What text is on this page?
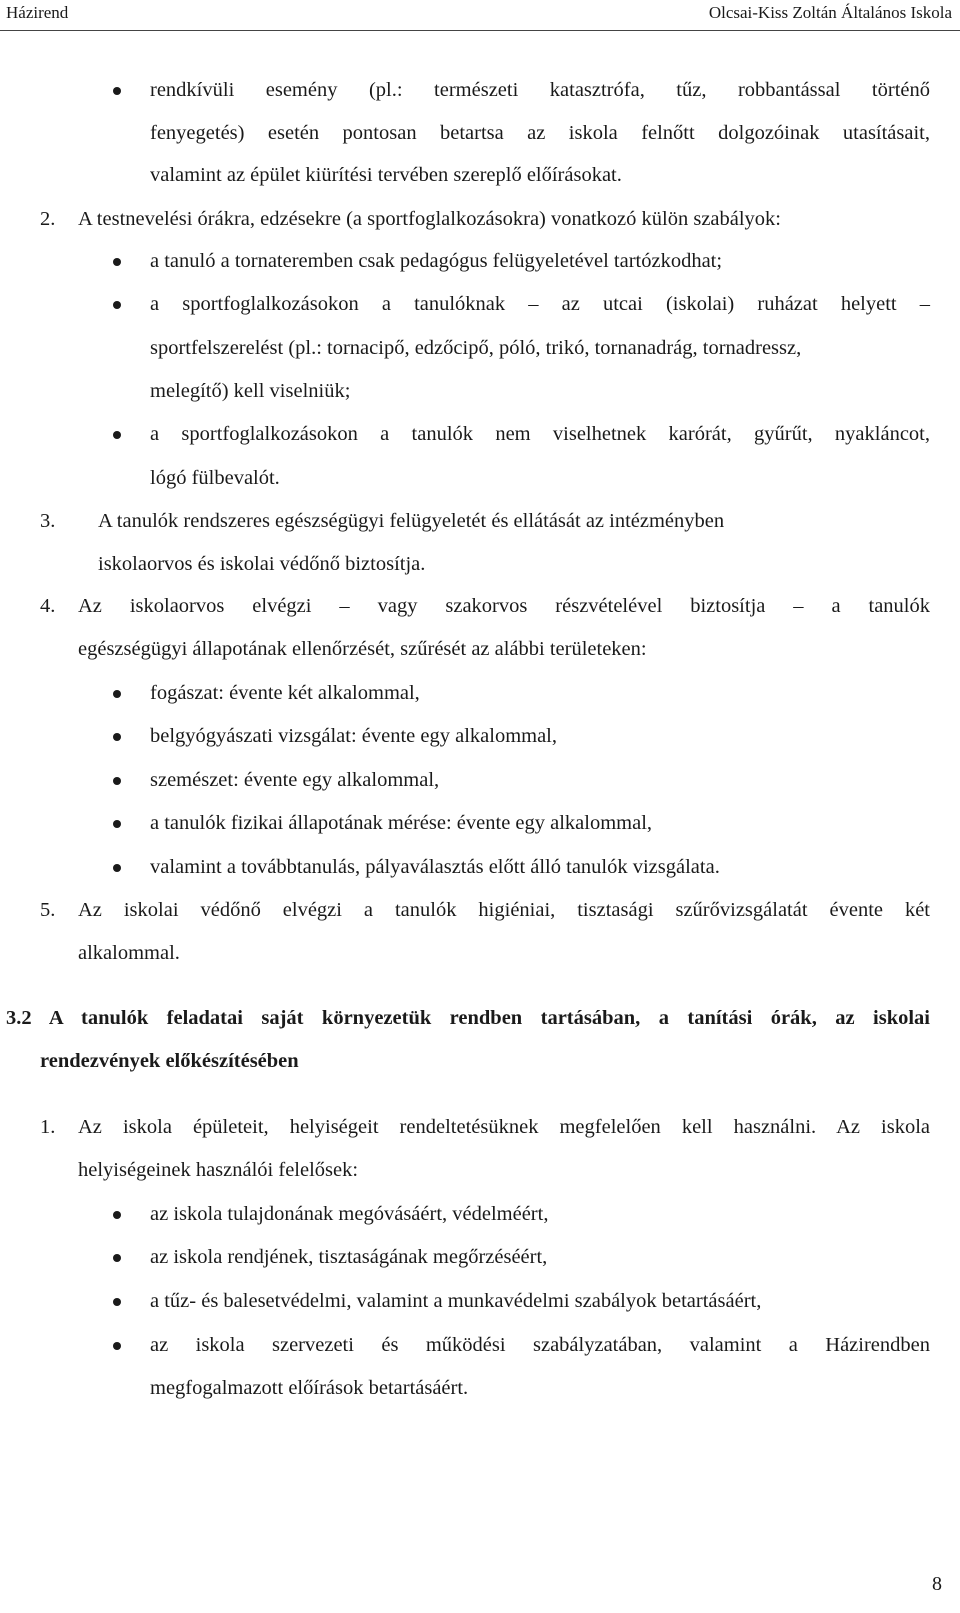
Házirend	Olcsai-Kiss Zoltán Általános Iskola
rendkívüli esemény (pl.: természeti katasztrófa, tűz, robbantással történő
fenyegetés) esetén pontosan betartsa az iskola felnőtt dolgozóinak utasításait,
valamint az épület kiürítési tervében szereplő előírásokat.
2. A testnevelési órákra, edzésekre (a sportfoglalkozásokra) vonatkozó külön szabályok:
a tanuló a tornateremben csak pedagógus felügyeletével tartózkodhat;
a sportfoglalkozásokon a tanulóknak – az utcai (iskolai) ruházat helyett –
sportfelszerelést (pl.: tornacipő, edzőcipő, póló, trikó, tornanadrág, tornadressz,
melegítő) kell viselniük;
a sportfoglalkozásokon a tanulók nem viselhetnek karórát, gyűrűt, nyakláncot,
lógó fülbevalót.
3. A tanulók rendszeres egészségügyi felügyeletét és ellátását az intézményben
iskolaorvos és iskolai védőnő biztosítja.
4. Az iskolaorvos elvégzi – vagy szakorvos részvételével biztosítja – a tanulók
egészségügyi állapotának ellenőrzését, szűrését az alábbi területeken:
fogászat: évente két alkalommal,
belgyógyászati vizsgálat: évente egy alkalommal,
szemészet: évente egy alkalommal,
a tanulók fizikai állapotának mérése: évente egy alkalommal,
valamint a továbbtanulás, pályaválasztás előtt álló tanulók vizsgálata.
5. Az iskolai védőnő elvégzi a tanulók higiéniai, tisztasági szűrővizsgálatát évente két
alkalommal.
3.2 A tanulók feladatai saját környezetük rendben tartásában, a tanítási órák, az iskolai
rendezvények előkészítésében
1. Az iskola épületeit, helyiségeit rendeltetésüknek megfelelően kell használni. Az iskola
helyiségeinek használói felelősek:
az iskola tulajdonának megóvásáért, védelméért,
az iskola rendjének, tisztaságának megőrzéséért,
a tűz- és balesetvédelmi, valamint a munkavédelmi szabályok betartásáért,
az iskola szervezeti és működési szabályzatában, valamint a Házirendben
megfogalmazott előírások betartásáért.
8
